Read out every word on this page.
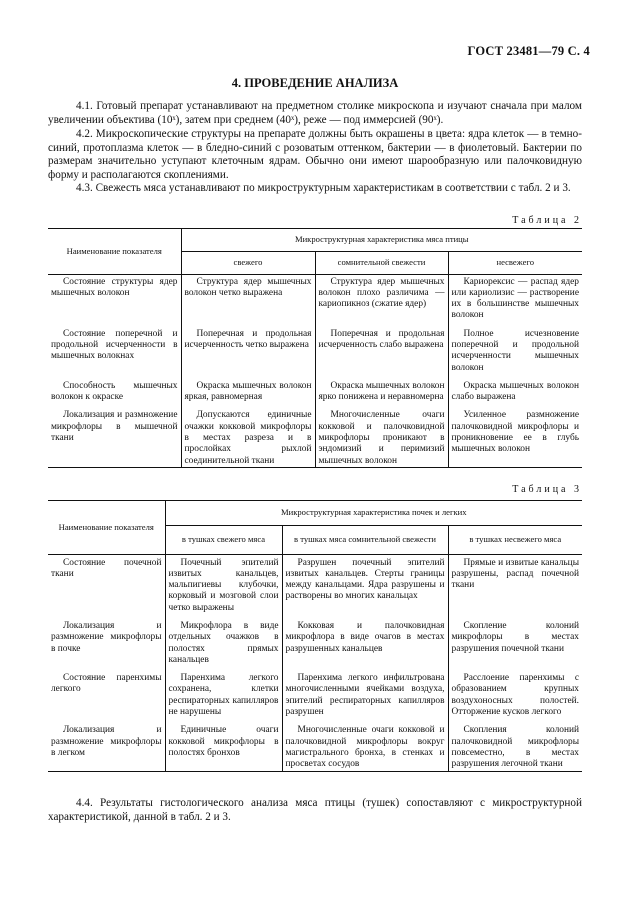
ГОСТ 23481—79 С. 4
4. ПРОВЕДЕНИЕ АНАЛИЗА
4.1. Готовый препарат устанавливают на предметном столике микроскопа и изучают сначала при малом увеличении объектива (10ˣ), затем при среднем (40ˣ), реже — под иммерсией (90ˣ).
4.2. Микроскопические структуры на препарате должны быть окрашены в цвета: ядра клеток — в темно-синий, протоплазма клеток — в бледно-синий с розоватым оттенком, бактерии — в фиолетовый. Бактерии по размерам значительно уступают клеточным ядрам. Обычно они имеют шарообразную или палочковидную форму и располагаются скоплениями.
4.3. Свежесть мяса устанавливают по микроструктурным характеристикам в соответствии с табл. 2 и 3.
Таблица 2
Наименование показателя	Микроструктурная характеристика мяса птицы		
	свежего	сомнительной свежести	несвежего

Состояние структуры ядер мышечных волокон	Структура ядер мышечных волокон четко выражена	Структура ядер мышечных волокон плохо различима — кариопикноз (сжатие ядер)	Кариорексис — распад ядер или кариолизис — растворение их в большинстве мышечных волокон

Состояние поперечной и продольной исчерченности в мышечных волокнах	Поперечная и продольная исчерченность четко выражена	Поперечная и продольная исчерченность слабо выражена	Полное исчезновение поперечной и продольной исчерченности мышечных волокон

Способность мышечных волокон к окраске	Окраска мышечных волокон яркая, равномерная	Окраска мышечных волокон ярко понижена и неравномерна	Окраска мышечных волокон слабо выражена

Локализация и размножение микрофлоры в мышечной ткани	Допускаются единичные очажки кокковой микрофлоры в местах разреза и в прослойках рыхлой соединительной ткани	Многочисленные очаги кокковой и палочковидной микрофлоры проникают в эндомизий и перимизий мышечных волокон	Усиленное размножение палочковидной микрофлоры и проникновение ее в глубь мышечных волокон
Таблица 3
Наименование показателя	Микроструктурная характеристика почек и легких		
	в тушках свежего мяса	в тушках мяса сомнительной свежести	в тушках несвежего мяса

Состояние почечной ткани	Почечный эпителий извитых канальцев, мальпигиевы клубочки, корковый и мозговой слои четко выражены	Разрушен почечный эпителий извитых канальцев. Стерты границы между канальцами. Ядра разрушены и растворены во многих канальцах	Прямые и извитые канальцы разрушены, распад почечной ткани

Локализация и размножение микрофлоры в почке	Микрофлора в виде отдельных очажков в полостях прямых канальцев	Кокковая и палочковидная микрофлора в виде очагов в местах разрушенных канальцев	Скопление колоний микрофлоры в местах разрушения почечной ткани

Состояние паренхимы легкого	Паренхима легкого сохранена, клетки респираторных капилляров не нарушены	Паренхима легкого инфильтрована многочисленными ячейками воздуха, эпителий респираторных капилляров разрушен	Расслоение паренхимы с образованием крупных воздухоносных полостей. Отторжение кусков легкого

Локализация и размножение микрофлоры в легком	Единичные очаги кокковой микрофлоры в полостях бронхов	Многочисленные очаги кокковой и палочковидной микрофлоры вокруг магистрального бронха, в стенках и просветах сосудов	Скопления колоний палочковидной микрофлоры повсеместно, в местах разрушения легочной ткани
4.4. Результаты гистологического анализа мяса птицы (тушек) сопоставляют с микроструктурной характеристикой, данной в табл. 2 и 3.
